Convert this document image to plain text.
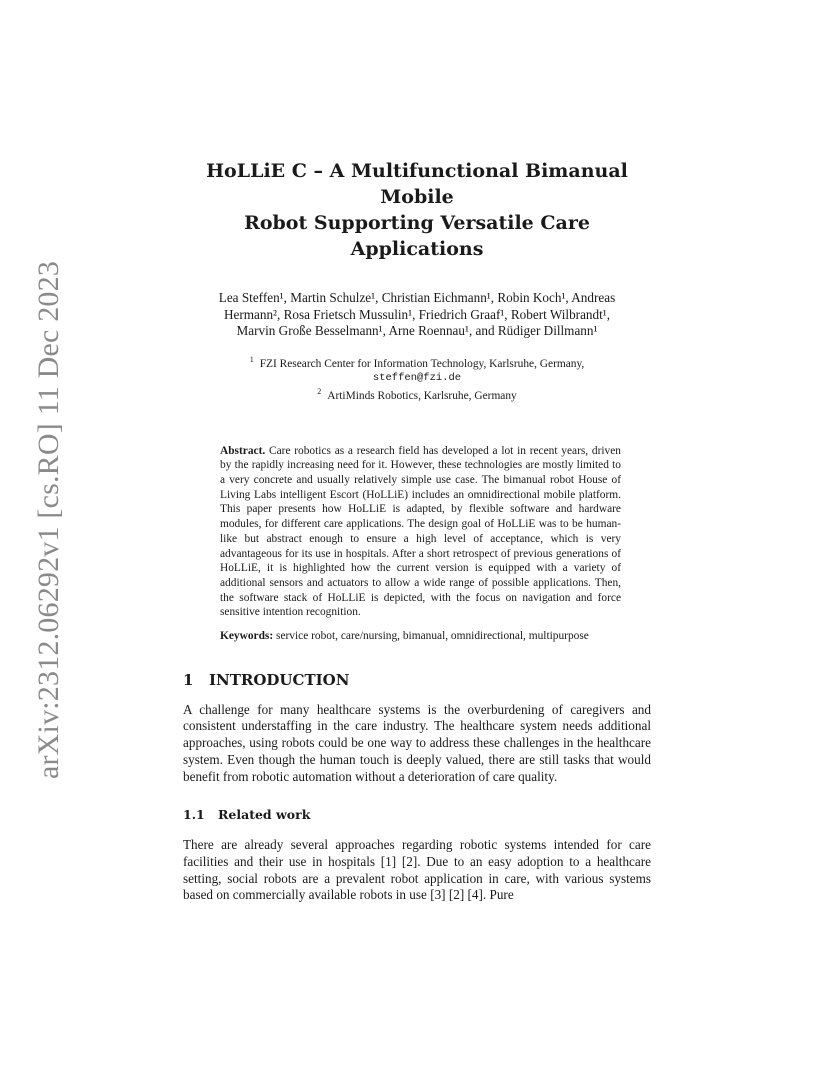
arXiv:2312.06292v1 [cs.RO] 11 Dec 2023
HoLLiE C – A Multifunctional Bimanual Mobile
Robot Supporting Versatile Care Applications
Lea Steffen¹, Martin Schulze¹, Christian Eichmann¹, Robin Koch¹, Andreas
Hermann², Rosa Frietsch Mussulin¹, Friedrich Graaf¹, Robert Wilbrandt¹,
Marvin Große Besselmann¹, Arne Roennau¹, and Rüdiger Dillmann¹
$^1$ FZI Research Center for Information Technology, Karlsruhe, Germany,
steffen@fzi.de
$^2$ ArtiMinds Robotics, Karlsruhe, Germany

Abstract. Care robotics as a research field has developed a lot in recent years, driven by the rapidly increasing need for it. However, these technologies are mostly limited to a very concrete and usually relatively simple use case. The bimanual robot House of Living Labs intelligent Escort (HoLLiE) includes an omnidirectional mobile platform. This paper presents how HoLLiE is adapted, by flexible software and hardware modules, for different care applications. The design goal of HoLLiE was to be human-like but abstract enough to ensure a high level of acceptance, which is very advantageous for its use in hospitals. After a short retrospect of previous generations of HoLLiE, it is highlighted how the current version is equipped with a variety of additional sensors and actuators to allow a wide range of possible applications. Then, the software stack of HoLLiE is depicted, with the focus on navigation and force sensitive intention recognition.

Keywords: service robot, care/nursing, bimanual, omnidirectional, multipurpose

1 INTRODUCTION

A challenge for many healthcare systems is the overburdening of caregivers and consistent understaffing in the care industry. The healthcare system needs additional approaches, using robots could be one way to address these challenges in the healthcare system. Even though the human touch is deeply valued, there are still tasks that would benefit from robotic automation without a deterioration of care quality.

1.1 Related work

There are already several approaches regarding robotic systems intended for care facilities and their use in hospitals [1] [2]. Due to an easy adoption to a healthcare setting, social robots are a prevalent robot application in care, with various systems based on commercially available robots in use [3] [2] [4]. Pure
